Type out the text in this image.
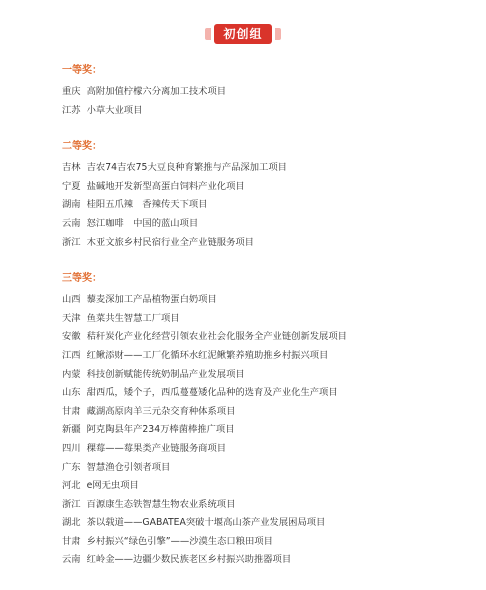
初创组
一等奖：
重庆 高附加值柠檬六分离加工技术项目
江苏 小草大业项目
二等奖：
吉林 吉农74吉农75大豆良种育繁推与产品深加工项目
宁夏 盐碱地开发新型高蛋白饲料产业化项目
湖南 桂阳五爪辣　香辣传天下项目
云南 怒江咖啡　中国的蓝山项目
浙江 木亚文旅乡村民宿行业全产业链服务项目
三等奖：
山西 藜麦深加工产品植物蛋白奶项目
天津 鱼菜共生智慧工厂项目
安徽 秸秆炭化产业化经营引领农业社会化服务全产业链创新发展项目
江西 红鳅添财——工厂化循环水红泥鳅繁养殖助推乡村振兴项目
内蒙 科技创新赋能传统奶制品产业发展项目
山东 甜西瓜，矮个子，西瓜蔓蔓矮化品种的选育及产业化生产项目
甘肃 藏湖高原肉羊三元杂交育种体系项目
新疆 阿克陶县年产234万棒菌棒推广项目
四川 稞莓——莓果类产业链服务商项目
广东 智慧渔仓引领者项目
河北 e网无虫项目
浙江 百源康生态铁智慧生物农业系统项目
湖北 茶以载道——GABATEA突破十堰高山茶产业发展困局项目
甘肃 乡村振兴“绿色引擎”——沙漠生态口粮田项目
云南 红岭金——边疆少数民族老区乡村振兴助推器项目
